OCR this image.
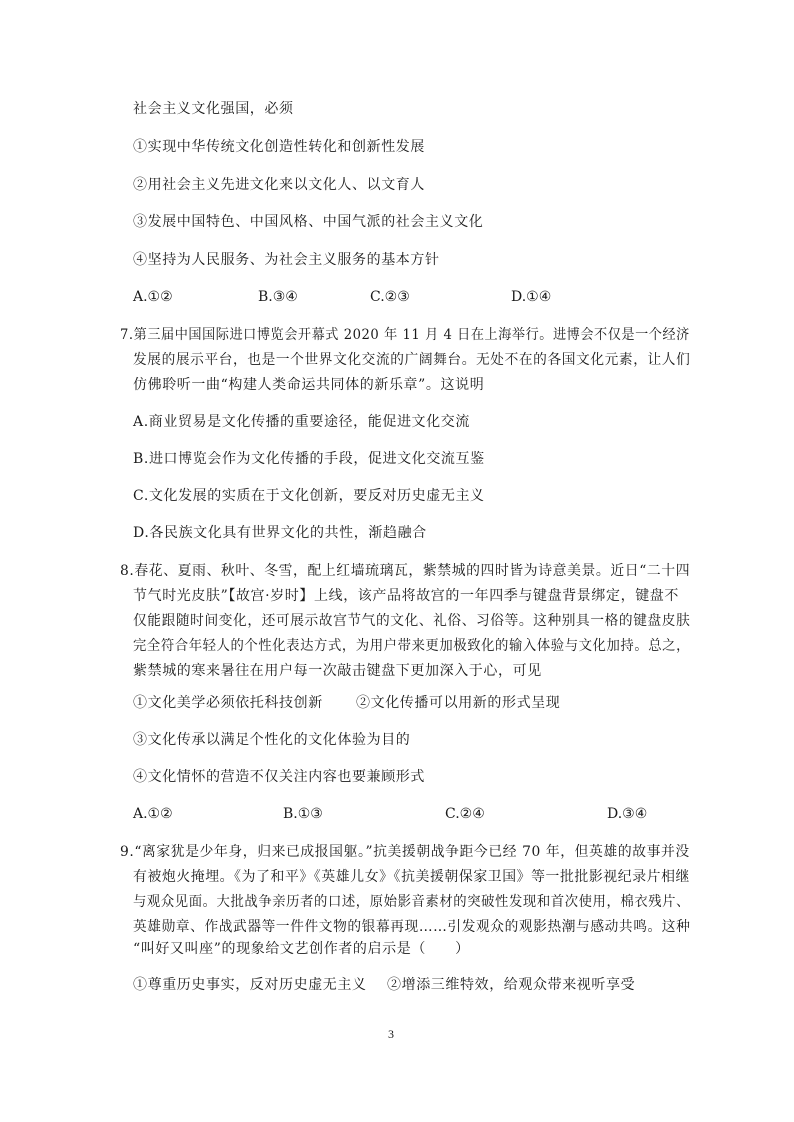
社会主义文化强国，必须
①实现中华传统文化创造性转化和创新性发展
②用社会主义先进文化来以文化人、以文育人
③发展中国特色、中国风格、中国气派的社会主义文化
④坚持为人民服务、为社会主义服务的基本方针
A.①②	B.③④	C.②③	D.①④
7.第三届中国国际进口博览会开幕式 2020 年 11 月 4 日在上海举行。进博会不仅是一个经济
发展的展示平台，也是一个世界文化交流的广阔舞台。无处不在的各国文化元素，让人们
仿佛聆听一曲“构建人类命运共同体的新乐章”。这说明
A.商业贸易是文化传播的重要途径，能促进文化交流
B.进口博览会作为文化传播的手段，促进文化交流互鉴
C.文化发展的实质在于文化创新，要反对历史虚无主义
D.各民族文化具有世界文化的共性，渐趋融合
8.春花、夏雨、秋叶、冬雪，配上红墙琉璃瓦，紫禁城的四时皆为诗意美景。近日“二十四
节气时光皮肤”【故宫·岁时】上线，该产品将故宫的一年四季与键盘背景绑定，键盘不
仅能跟随时间变化，还可展示故宫节气的文化、礼俗、习俗等。这种别具一格的键盘皮肤
完全符合年轻人的个性化表达方式，为用户带来更加极致化的输入体验与文化加持。总之，
紫禁城的寒来暑往在用户每一次敲击键盘下更加深入于心，可见
①文化美学必须依托科技创新 ②文化传播可以用新的形式呈现
③文化传承以满足个性化的文化体验为目的
④文化情怀的营造不仅关注内容也要兼顾形式
A.①②	B.①③	C.②④	D.③④
9.“离家犹是少年身，归来已成报国躯。”抗美援朝战争距今已经 70 年，但英雄的故事并没
有被炮火掩埋。《为了和平》《英雄儿女》《抗美援朝保家卫国》等一批批影视纪录片相继
与观众见面。大批战争亲历者的口述，原始影音素材的突破性发现和首次使用，棉衣残片、
英雄勋章、作战武器等一件件文物的银幕再现……引发观众的观影热潮与感动共鸣。这种
“叫好又叫座”的现象给文艺创作者的启示是（　　）
①尊重历史事实，反对历史虚无主义 ②增添三维特效，给观众带来视听享受
3
